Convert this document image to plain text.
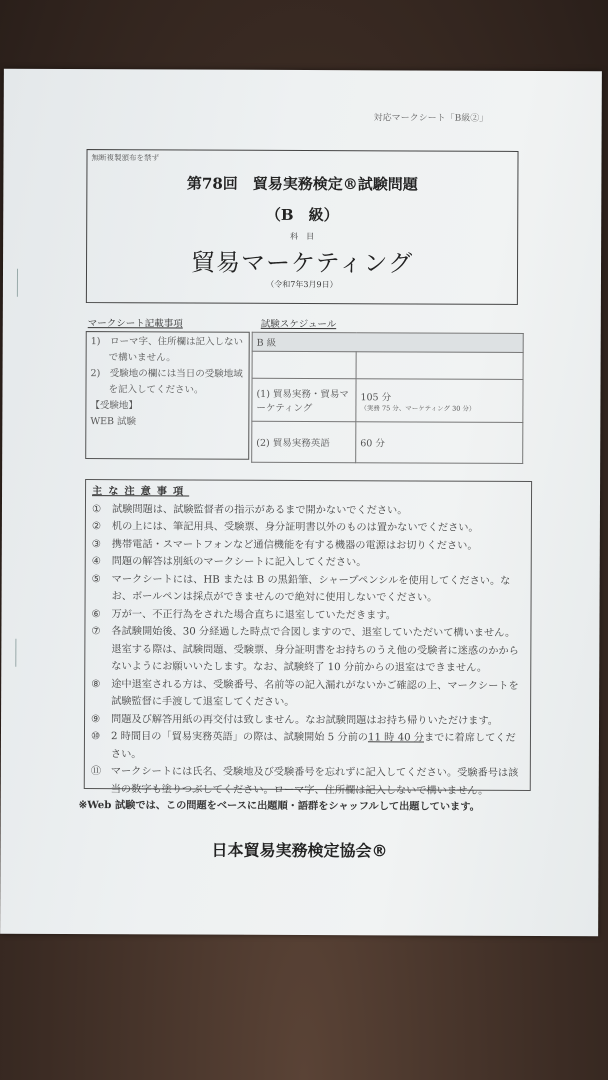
対応マークシート「B級②」
無断複製頒布を禁ず
第78回　貿易実務検定®試験問題
（B　級）
科　目
貿易マーケティング
（令和7年3月9日）
マークシート記載事項
1)　ローマ字、住所欄は記入しないで構いません。
2)　受験地の欄には当日の受験地域を記入してください。
【受験地】
WEB 試験
試験スケジュール
B 級	

(1) 貿易実務・貿易マーケティング	105 分
（実務 75 分、マーケティング 30 分）

(2) 貿易実務英語	60 分
主な注意事項
①	試験問題は、試験監督者の指示があるまで開かないでください。
②	机の上には、筆記用具、受験票、身分証明書以外のものは置かないでください。
③	携帯電話・スマートフォンなど通信機能を有する機器の電源はお切りください。
④	問題の解答は別紙のマークシートに記入してください。
⑤	マークシートには、HB または B の黒鉛筆、シャープペンシルを使用してください。なお、ボールペンは採点ができませんので絶対に使用しないでください。
⑥	万が一、不正行為をされた場合直ちに退室していただきます。
⑦	各試験開始後、30 分経過した時点で合図しますので、退室していただいて構いません。退室する際は、試験問題、受験票、身分証明書をお持ちのうえ他の受験者に迷惑のかからないようにお願いいたします。なお、試験終了 10 分前からの退室はできません。
⑧	途中退室される方は、受験番号、名前等の記入漏れがないかご確認の上、マークシートを試験監督に手渡して退室してください。
⑨	問題及び解答用紙の再交付は致しません。なお試験問題はお持ち帰りいただけます。
⑩	2 時間目の「貿易実務英語」の際は、試験開始 5 分前の11 時 40 分までに着席してください。
⑪ マークシートには氏名、受験地及び受験番号を忘れずに記入してください。受験番号は該当の数字も塗りつぶしてください。ローマ字、住所欄は記入しないで構いません。
※Web 試験では、この問題をベースに出題順・語群をシャッフルして出題しています。
日本貿易実務検定協会®
